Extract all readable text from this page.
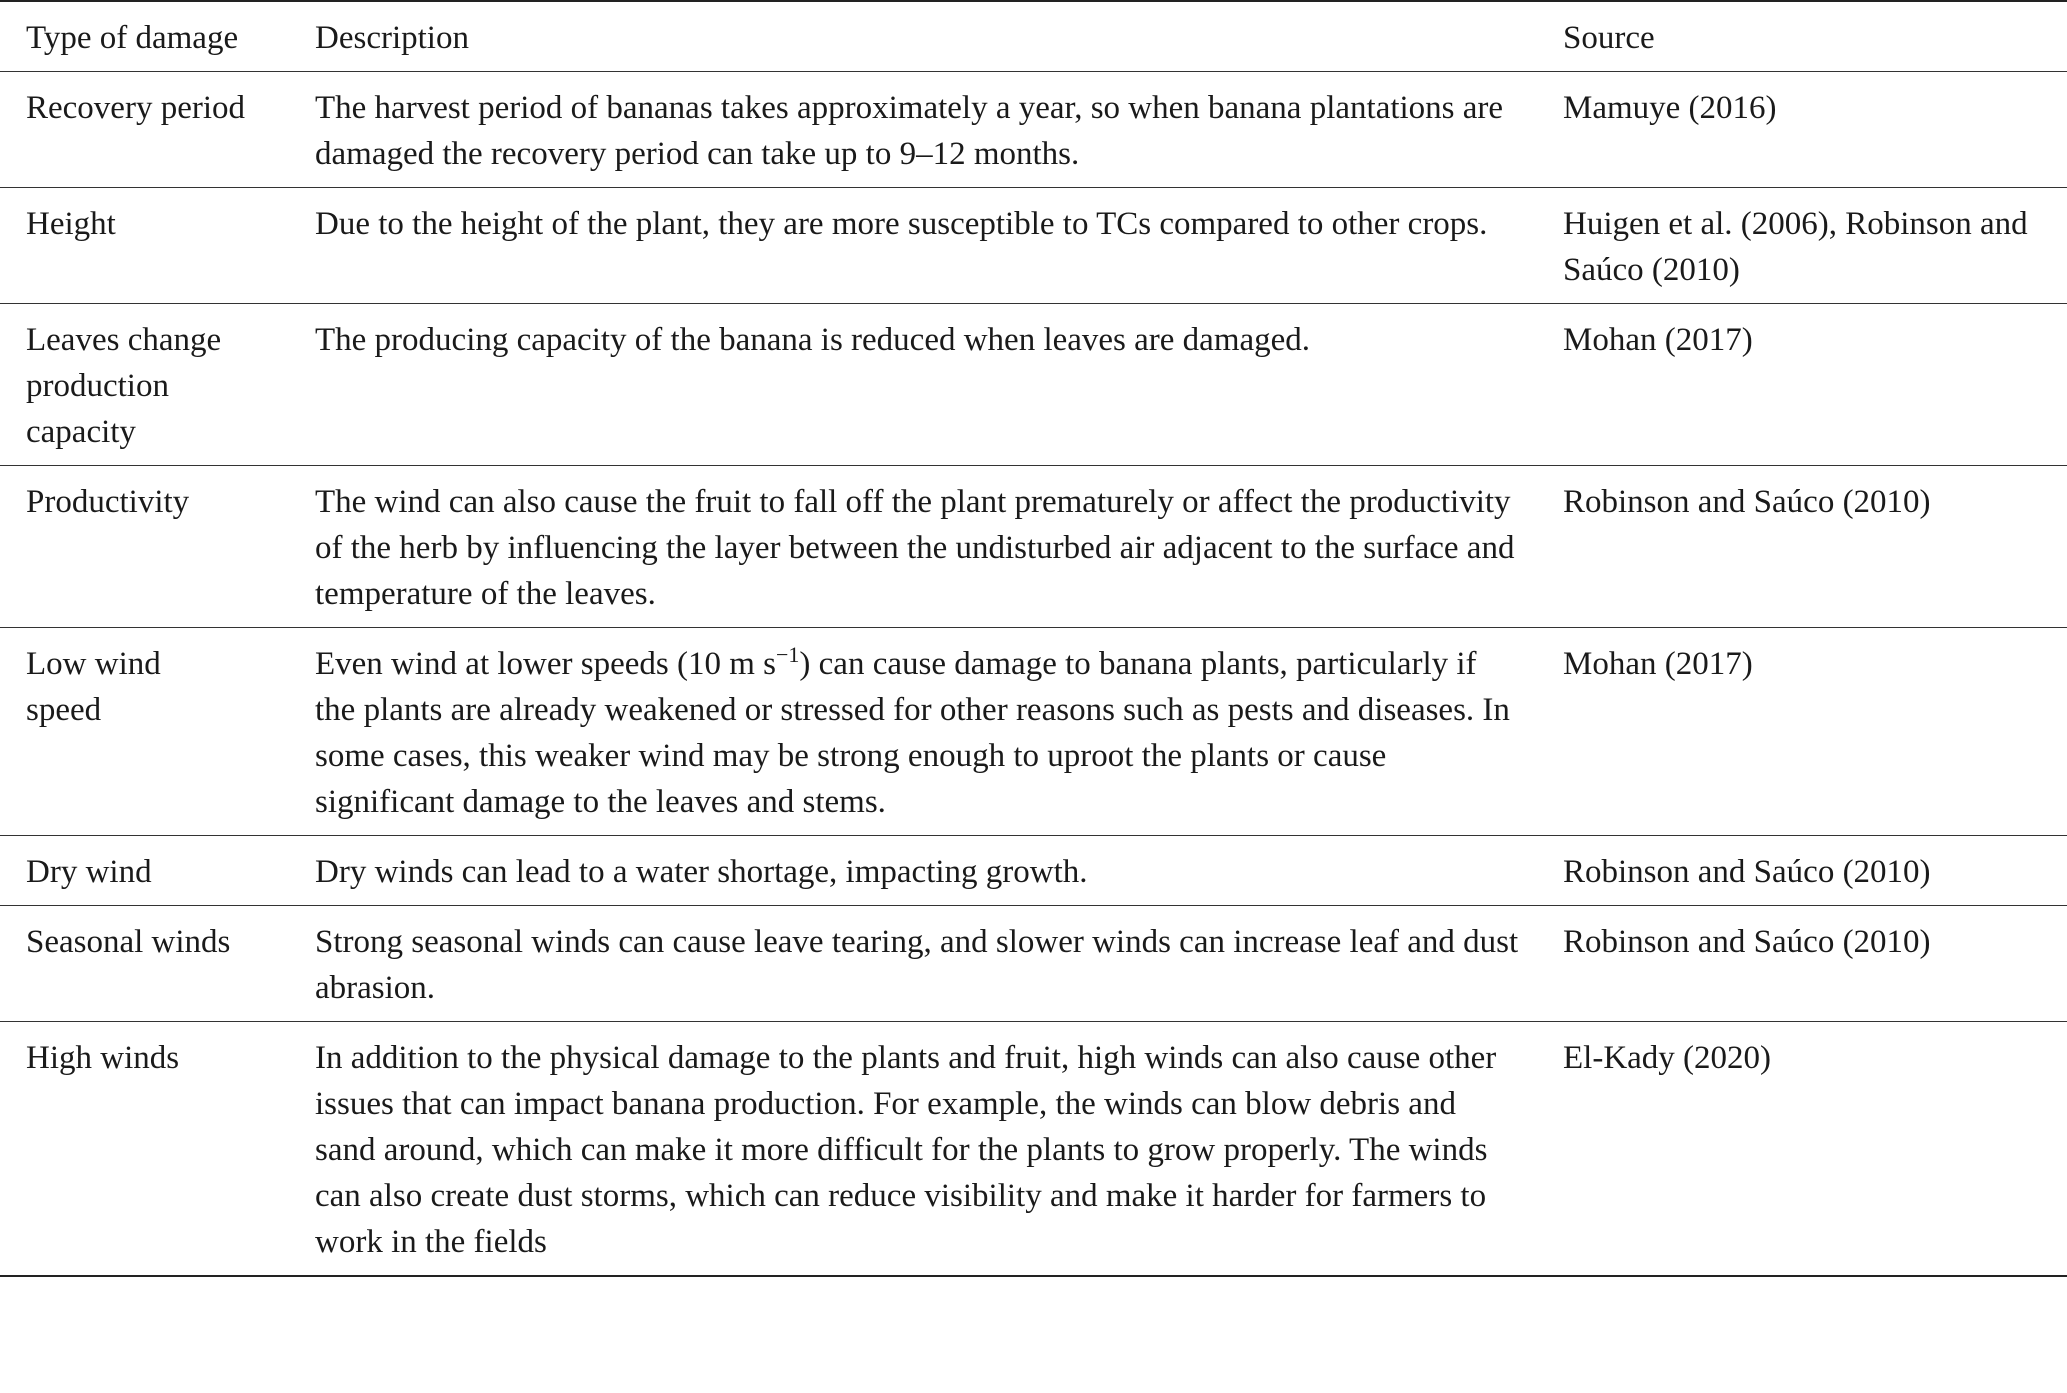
Type of damage	Description	Source
Recovery period	The harvest period of bananas takes approximately a year, so when banana plantations are damaged the recovery period can take up to 9–12 months.	Mamuye (2016)
Height	Due to the height of the plant, they are more susceptible to TCs compared to other crops.	Huigen et al. (2006), Robinson and Saúco (2010)
Leaves change production capacity	The producing capacity of the banana is reduced when leaves are damaged.	Mohan (2017)
Productivity	The wind can also cause the fruit to fall off the plant prematurely or affect the productivity of the herb by influencing the layer between the undisturbed air adjacent to the surface and temperature of the leaves.	Robinson and Saúco (2010)
Low wind speed	Even wind at lower speeds (10 m $s^{-1}$) can cause damage to banana plants, particularly if the plants are already weakened or stressed for other reasons such as pests and diseases. In some cases, this weaker wind may be strong enough to uproot the plants or cause significant damage to the leaves and stems.	Mohan (2017)
Dry wind	Dry winds can lead to a water shortage, impacting growth.	Robinson and Saúco (2010)
Seasonal winds	Strong seasonal winds can cause leave tearing, and slower winds can increase leaf and dust abrasion.	Robinson and Saúco (2010)
High winds	In addition to the physical damage to the plants and fruit, high winds can also cause other issues that can impact banana production. For example, the winds can blow debris and sand around, which can make it more difficult for the plants to grow properly. The winds can also create dust storms, which can reduce visibility and make it harder for farmers to work in the fields	El-Kady (2020)
